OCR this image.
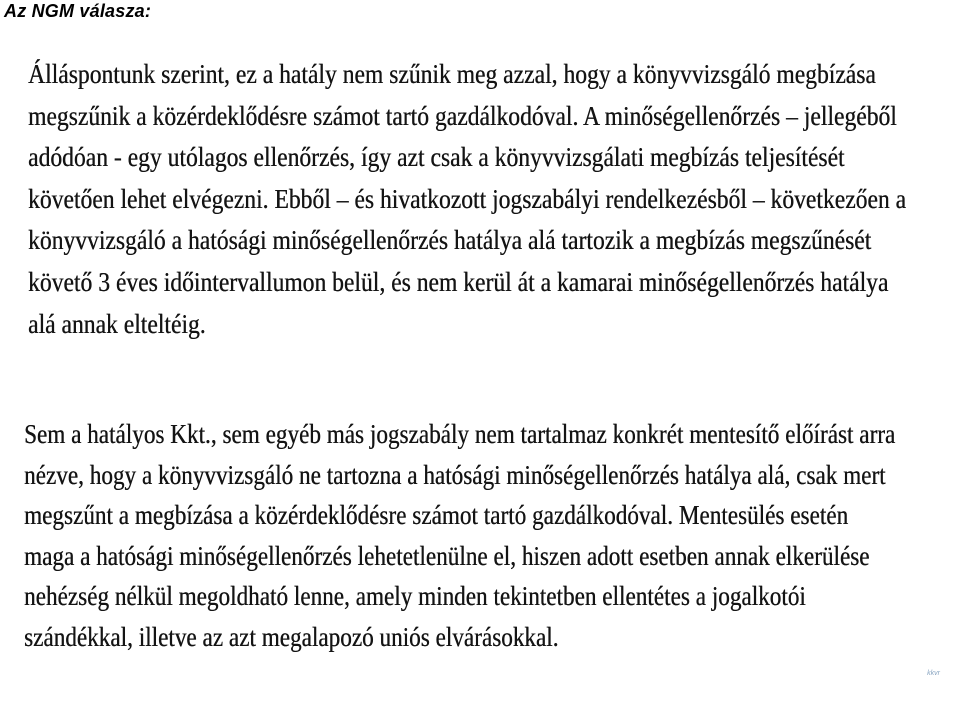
Az NGM válasza:
Álláspontunk szerint, ez a hatály nem szűnik meg azzal, hogy a könyvvizsgáló megbízása
megszűnik a közérdeklődésre számot tartó gazdálkodóval. A minőségellenőrzés – jellegéből
adódóan - egy utólagos ellenőrzés, így azt csak a könyvvizsgálati megbízás teljesítését
követően lehet elvégezni. Ebből – és hivatkozott jogszabályi rendelkezésből – következően a
könyvvizsgáló a hatósági minőségellenőrzés hatálya alá tartozik a megbízás megszűnését
követő 3 éves időintervallumon belül, és nem kerül át a kamarai minőségellenőrzés hatálya
alá annak elteltéig.
Sem a hatályos Kkt., sem egyéb más jogszabály nem tartalmaz konkrét mentesítő előírást arra
nézve, hogy a könyvvizsgáló ne tartozna a hatósági minőségellenőrzés hatálya alá, csak mert
megszűnt a megbízása a közérdeklődésre számot tartó gazdálkodóval. Mentesülés esetén
maga a hatósági minőségellenőrzés lehetetlenülne el, hiszen adott esetben annak elkerülése
nehézség nélkül megoldható lenne, amely minden tekintetben ellentétes a jogalkotói
szándékkal, illetve az azt megalapozó uniós elvárásokkal.
kkvr
